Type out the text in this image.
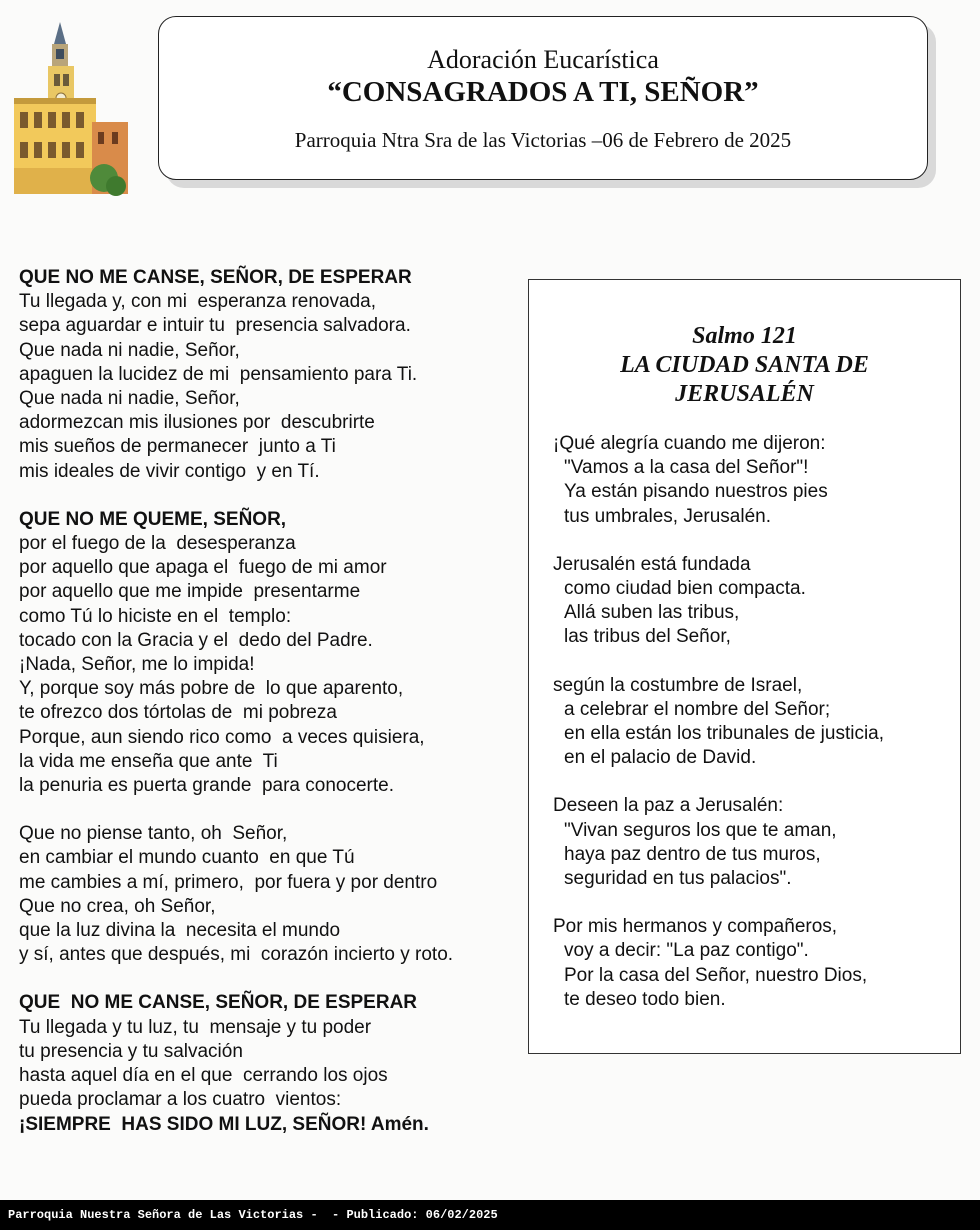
Adoración Eucarística
“CONSAGRADOS A TI, SEÑOR”
Parroquia Ntra Sra de las Victorias –06 de Febrero de 2025
QUE NO ME CANSE, SEÑOR, DE ESPERAR
Tu llegada y, con mi  esperanza renovada,
sepa aguardar e intuir tu  presencia salvadora.
Que nada ni nadie, Señor,
apaguen la lucidez de mi  pensamiento para Ti.
Que nada ni nadie, Señor,
adormezcan mis ilusiones por  descubrirte
mis sueños de permanecer  junto a Ti
mis ideales de vivir contigo  y en Tí.
QUE NO ME QUEME, SEÑOR,
por el fuego de la  desesperanza
por aquello que apaga el  fuego de mi amor
por aquello que me impide  presentarme
como Tú lo hiciste en el  templo:
tocado con la Gracia y el  dedo del Padre.
¡Nada, Señor, me lo impida!
Y, porque soy más pobre de  lo que aparento,
te ofrezco dos tórtolas de  mi pobreza
Porque, aun siendo rico como  a veces quisiera,
la vida me enseña que ante  Ti
la penuria es puerta grande  para conocerte.
Que no piense tanto, oh  Señor,
en cambiar el mundo cuanto  en que Tú
me cambies a mí, primero,  por fuera y por dentro
Que no crea, oh Señor,
que la luz divina la  necesita el mundo
y sí, antes que después, mi  corazón incierto y roto.
QUE  NO ME CANSE, SEÑOR, DE ESPERAR
Tu llegada y tu luz, tu  mensaje y tu poder
tu presencia y tu salvación
hasta aquel día en el que  cerrando los ojos
pueda proclamar a los cuatro  vientos:
¡SIEMPRE  HAS SIDO MI LUZ, SEÑOR! Amén.
Salmo 121
LA CIUDAD SANTA DE
JERUSALÉN
¡Qué alegría cuando me dijeron:
"Vamos a la casa del Señor"!
Ya están pisando nuestros pies
tus umbrales, Jerusalén.
Jerusalén está fundada
como ciudad bien compacta.
Allá suben las tribus,
las tribus del Señor,
según la costumbre de Israel,
a celebrar el nombre del Señor;
en ella están los tribunales de justicia,
en el palacio de David.
Deseen la paz a Jerusalén:
"Vivan seguros los que te aman,
haya paz dentro de tus muros,
seguridad en tus palacios".
Por mis hermanos y compañeros,
voy a decir: "La paz contigo".
Por la casa del Señor, nuestro Dios,
te deseo todo bien.
Parroquia Nuestra Señora de Las Victorias -  - Publicado: 06/02/2025
